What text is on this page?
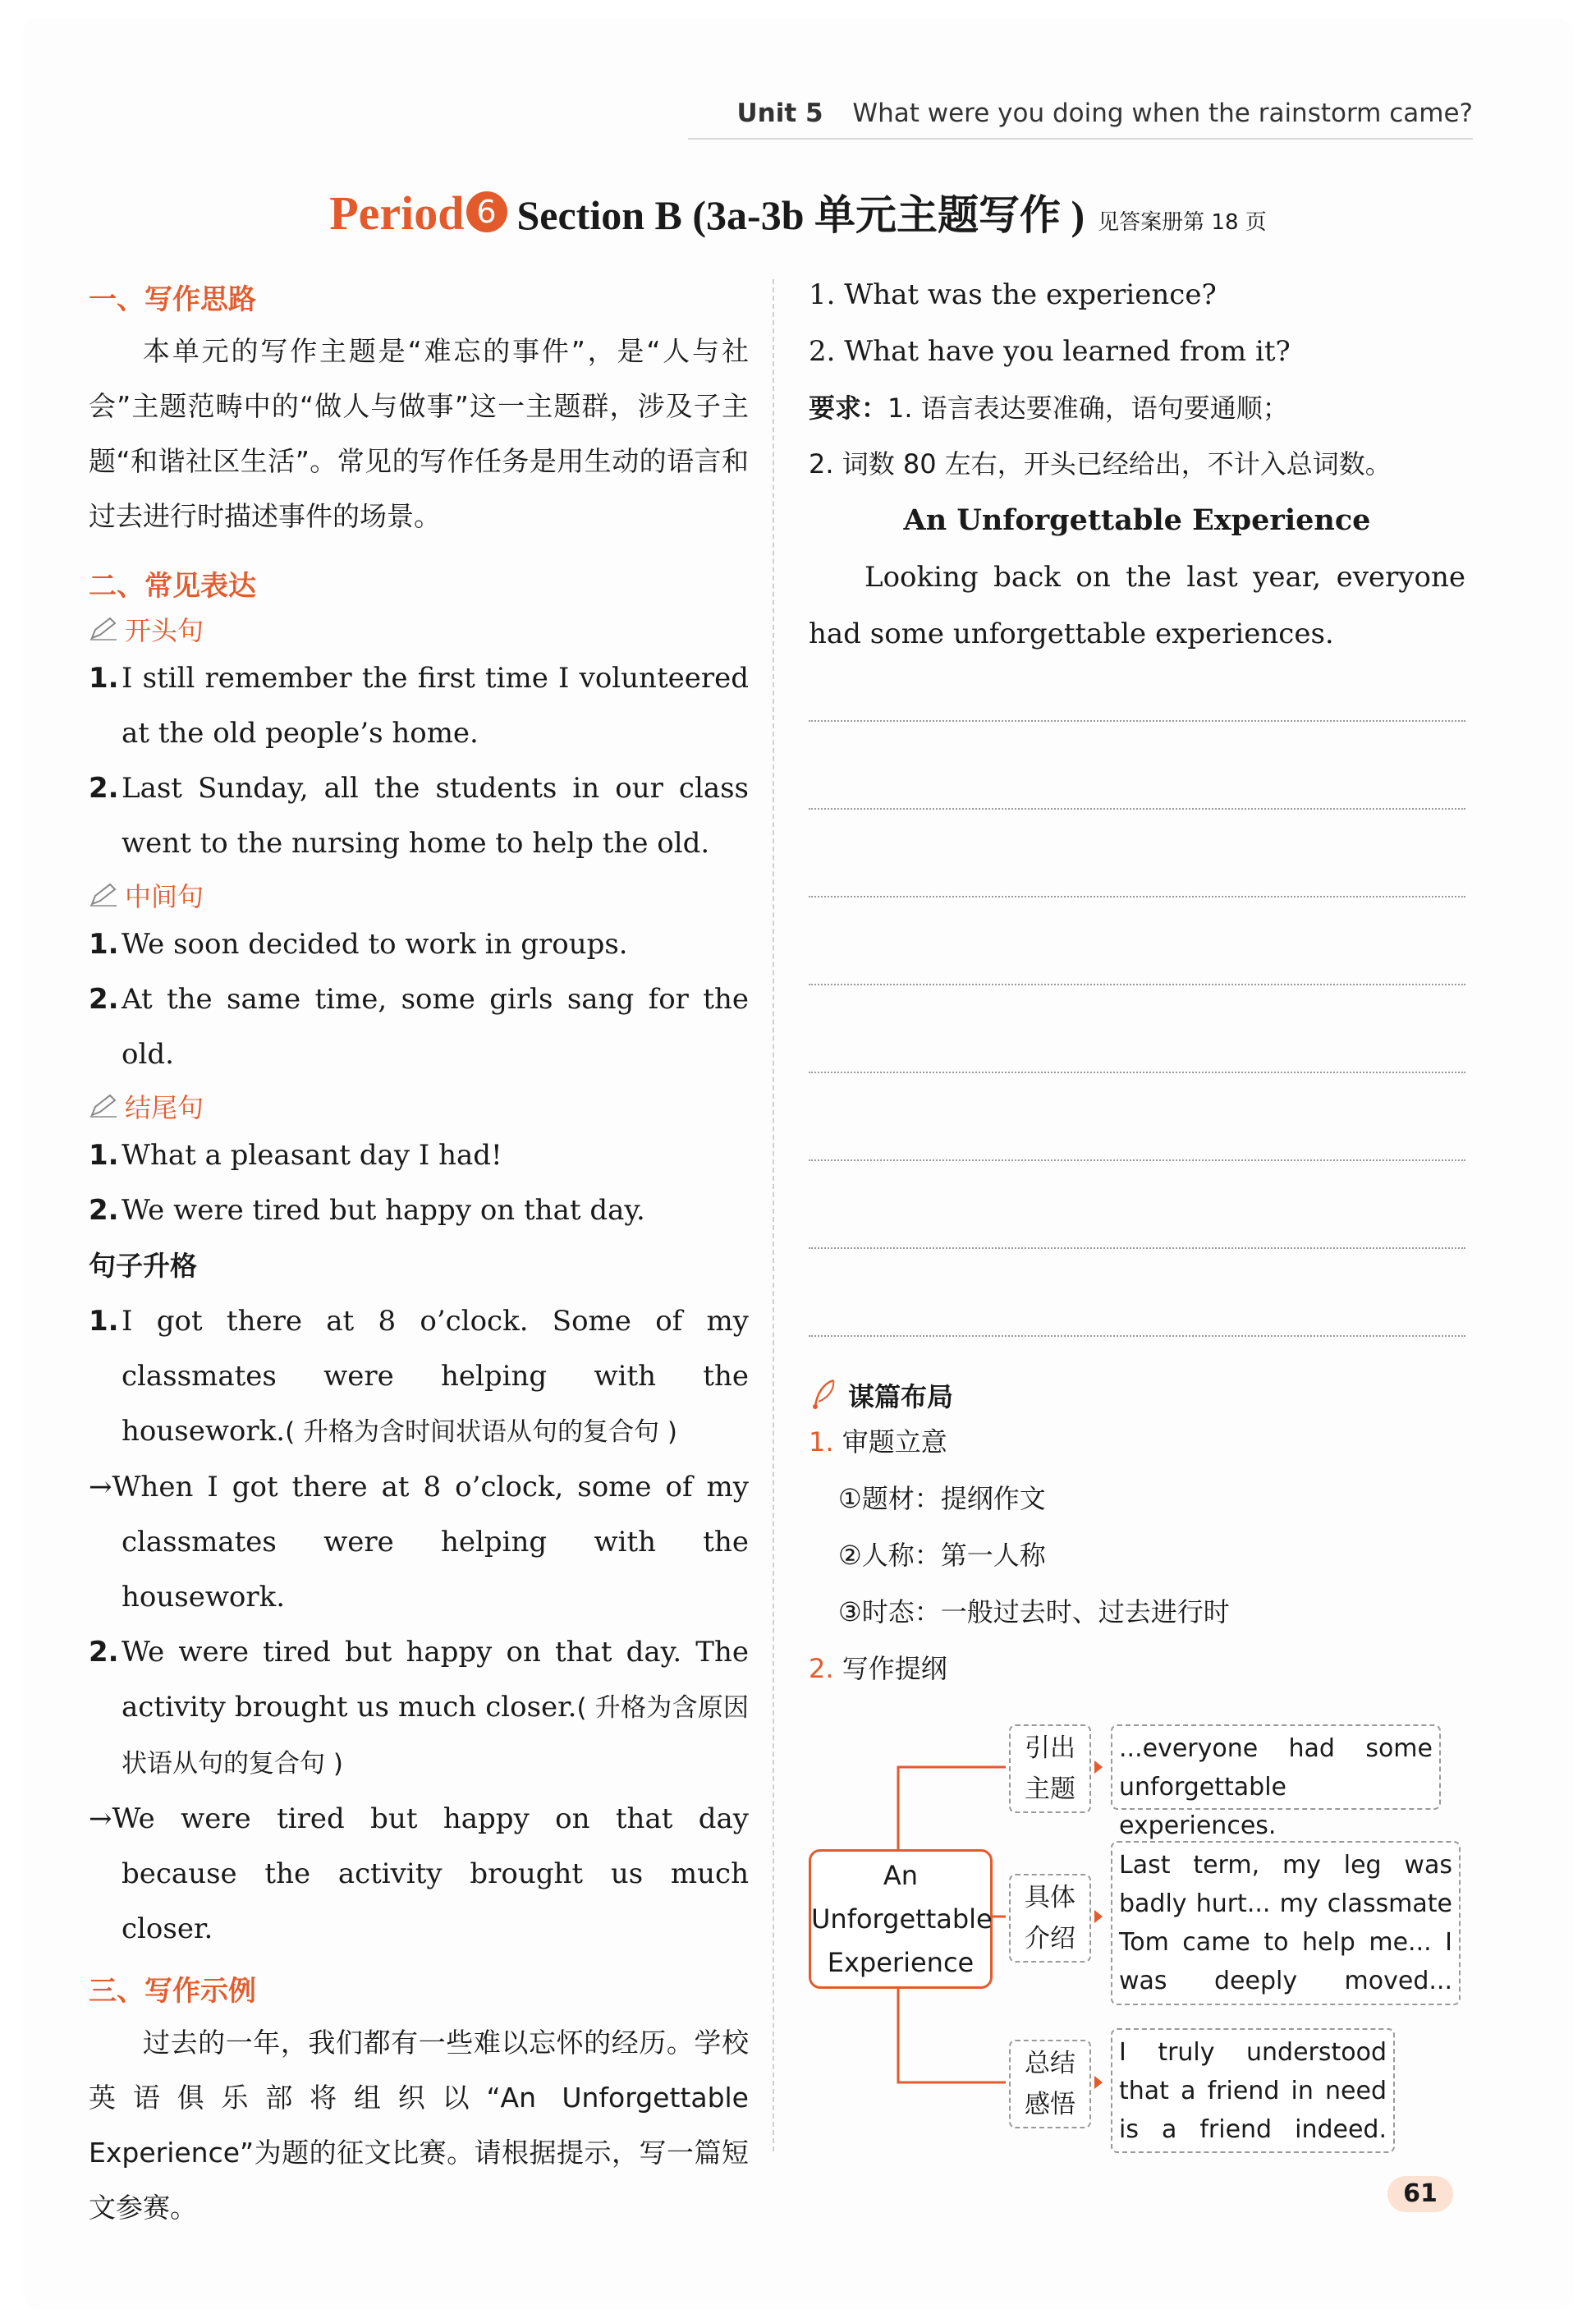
Unit 5 What were you doing when the rainstorm came?
Period 6 Section B (3a-3b 单元主题写作 ) 见答案册第 18 页
一、写作思路

本单元的写作主题是“难忘的事件”，是“人与社会”主题范畴中的“做人与做事”这一主题群，涉及子主题“和谐社区生活”。常见的写作任务是用生动的语言和过去进行时描述事件的场景。

二、常见表达
开头句

1. I still remember the first time I volunteered at the old people’s home.

2. Last Sunday, all the students in our class went to the nursing home to help the old.

中间句

1. We soon decided to work in groups.

2. At the same time, some girls sang for the old.

结尾句

1. What a pleasant day I had!

2. We were tired but happy on that day.

句子升格

1. I got there at 8 o’clock. Some of my classmates were helping with the housework.( 升格为含时间状语从句的复合句 )

→When I got there at 8 o’clock, some of my classmates were helping with the housework.

2. We were tired but happy on that day. The activity brought us much closer.( 升格为含原因状语从句的复合句 )

→We were tired but happy on that day because the activity brought us much closer.

三、写作示例

过去的一年，我们都有一些难以忘怀的经历。学校英语俱乐部将组织以“An Unforgettable Experience”为题的征文比赛。请根据提示，写一篇短文参赛。

1. What was the experience?

2. What have you learned from it?

要求：1. 语言表达要准确，语句要通顺；

2. 词数 80 左右，开头已经给出，不计入总词数。

An Unforgettable Experience

Looking back on the last year, everyone had some unforgettable experiences.

谋篇布局

1. 审题立意

①题材：提纲作文

②人称：第一人称

③时态：一般过去时、过去进行时

2. 写作提纲

An
Unforgettable
Experience
引出
主题
...everyone had some
unforgettable experiences.
具体
介绍
Last term, my leg was
badly hurt... my classmate
Tom came to help me... I
was deeply moved...
总结
感悟
I truly understood
that a friend in need
is a friend indeed.
61
